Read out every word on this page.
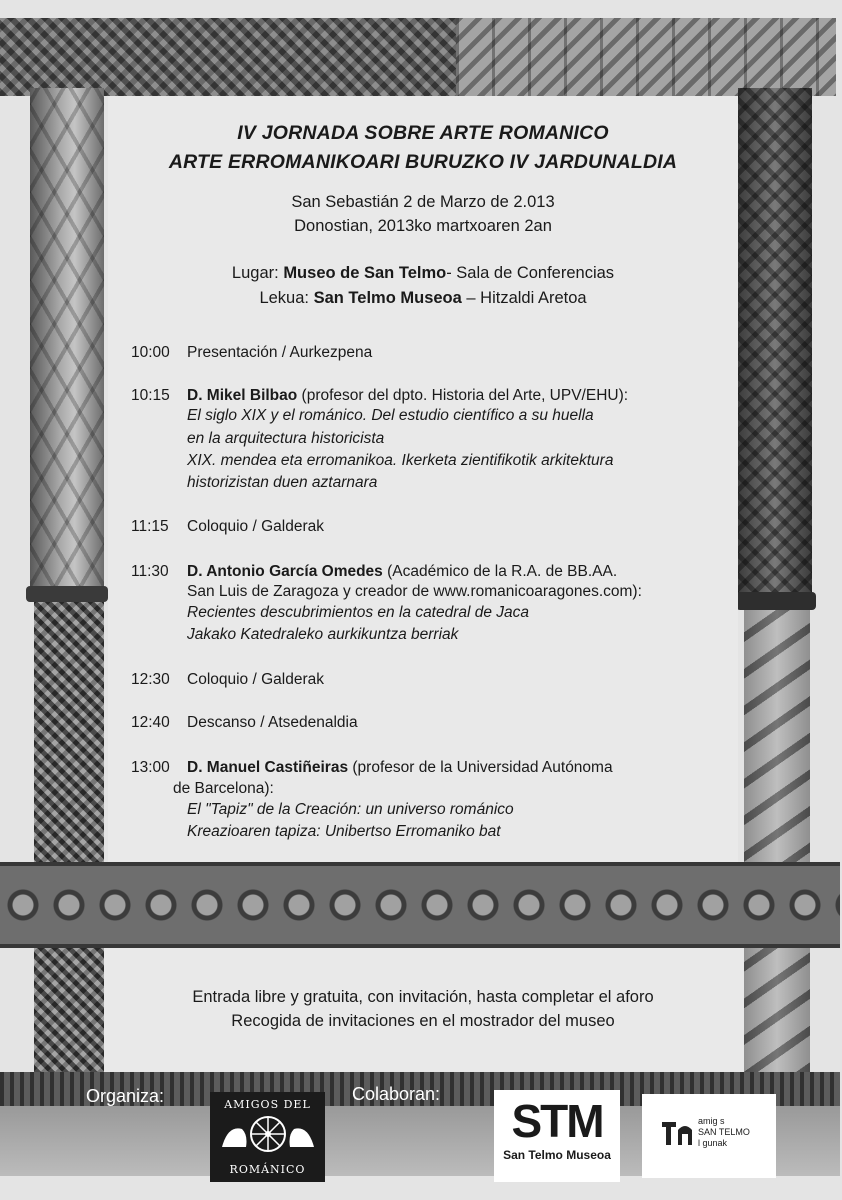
IV JORNADA SOBRE ARTE ROMANICO
ARTE ERROMANIKOARI BURUZKO IV JARDUNALDIA
San Sebastián 2 de Marzo de 2.013
Donostian, 2013ko martxoaren 2an
Lugar: Museo de San Telmo- Sala de Conferencias
Lekua: San Telmo Museoa – Hitzaldi Aretoa
10:00 Presentación / Aurkezpena
10:15 D. Mikel Bilbao (profesor del dpto. Historia del Arte, UPV/EHU):
El siglo XIX y el románico. Del estudio científico a su huella
en la arquitectura historicista
XIX. mendea eta erromanikoa. Ikerketa zientifikotik arkitektura
historizistan duen aztarnara
11:15 Coloquio / Galderak
11:30 D. Antonio García Omedes (Académico de la R.A. de BB.AA.
San Luis de Zaragoza y creador de www.romanicoaragones.com):
Recientes descubrimientos en la catedral de Jaca
Jakako Katedraleko aurkikuntza berriak
12:30 Coloquio / Galderak
12:40 Descanso / Atsedenaldia
13:00 D. Manuel Castiñeiras (profesor de la Universidad Autónoma
de Barcelona):
El "Tapiz" de la Creación: un universo románico
Kreazioaren tapiza: Unibertso Erromaniko bat
Entrada libre y gratuita, con invitación, hasta completar el aforo
Recogida de invitaciones en el mostrador del museo
Organiza:	Colaboran:
AMIGOS DEL
ROMÁNICO
STM
San Telmo Museoa
amig s
SAN TELMO
l gunak
